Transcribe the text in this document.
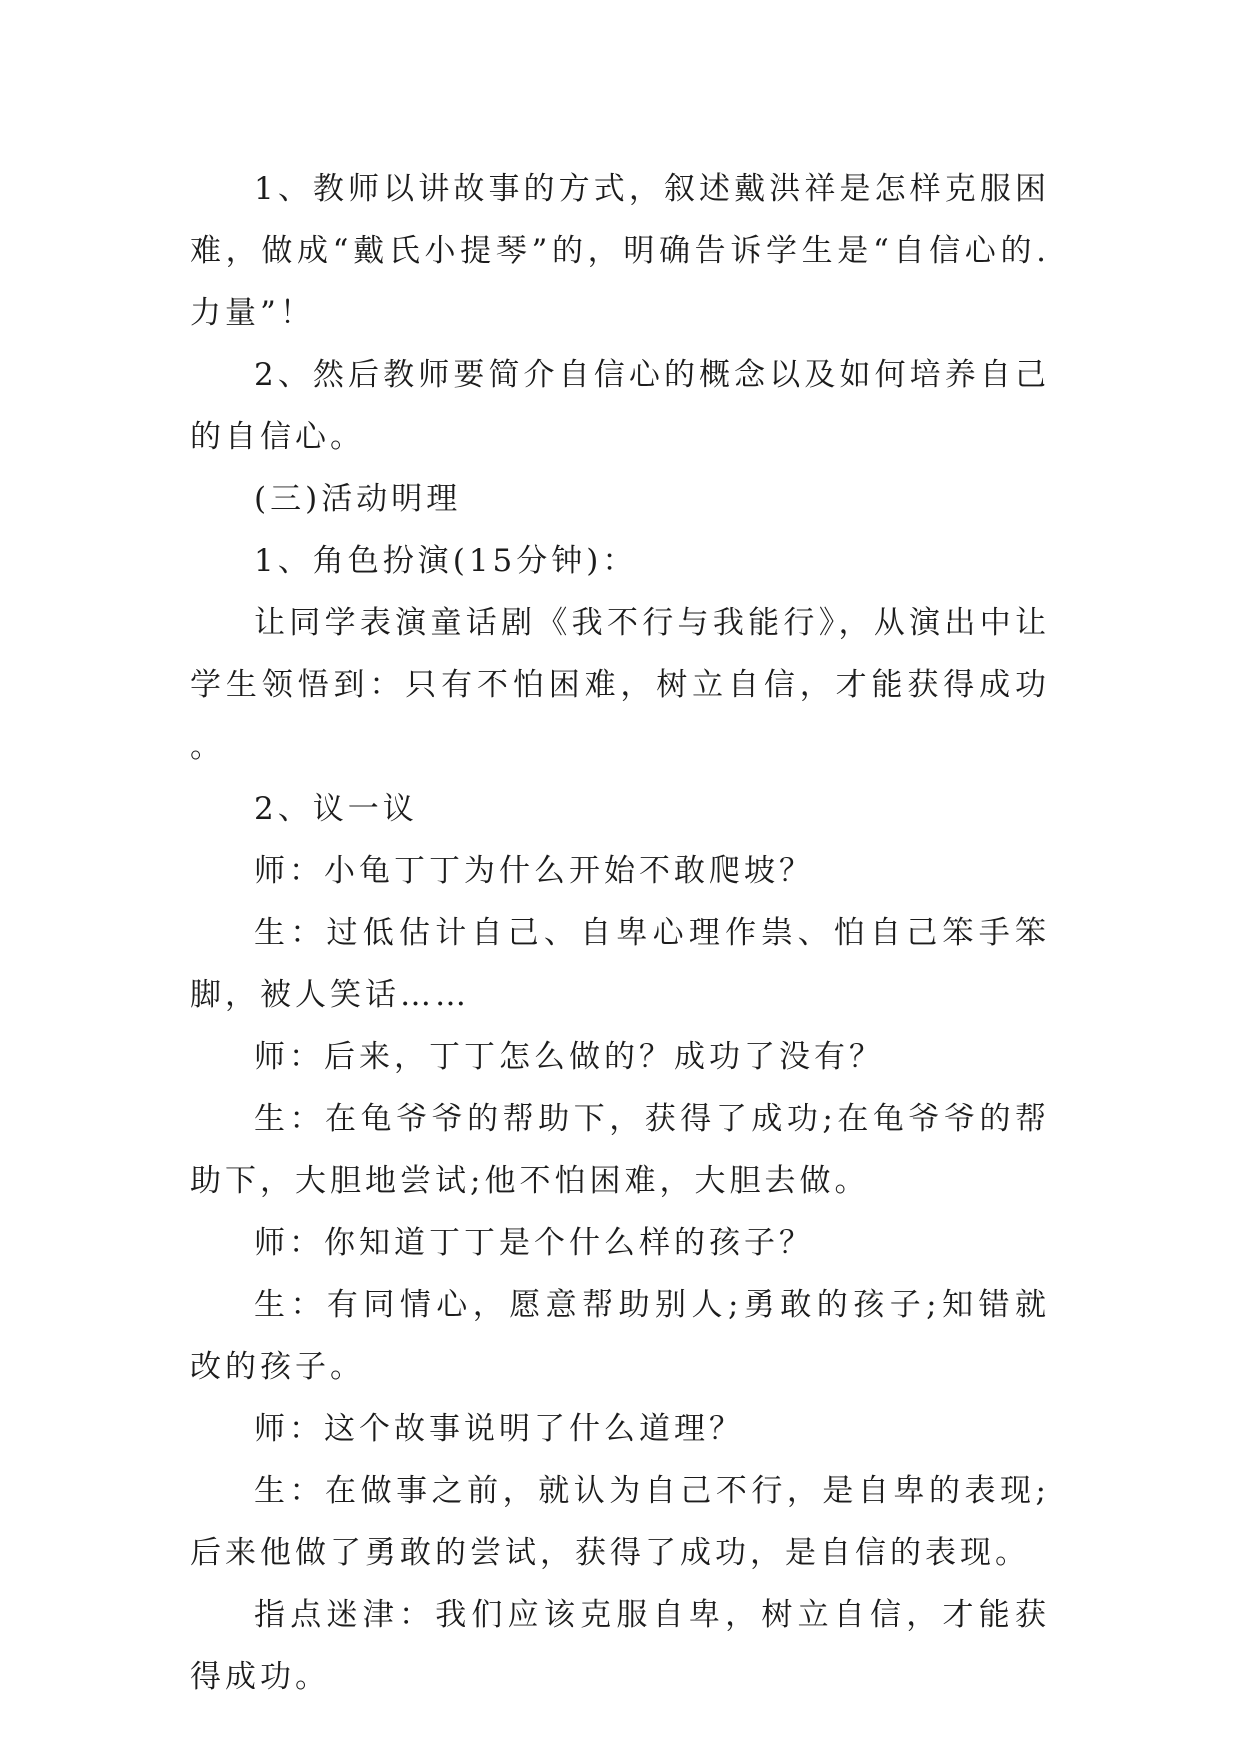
1、教师以讲故事的方式，叙述戴洪祥是怎样克服困难，做成“戴氏小提琴”的，明确告诉学生是“自信心的.力量”！

2、然后教师要简介自信心的概念以及如何培养自己的自信心。

(三)活动明理

1、角色扮演(15分钟)：

让同学表演童话剧《我不行与我能行》，从演出中让学生领悟到：只有不怕困难，树立自信，才能获得成功。

2、议一议

师：小龟丁丁为什么开始不敢爬坡？

生：过低估计自己、自卑心理作祟、怕自己笨手笨脚，被人笑话……

师：后来，丁丁怎么做的？成功了没有？

生：在龟爷爷的帮助下，获得了成功;在龟爷爷的帮助下，大胆地尝试;他不怕困难，大胆去做。

师：你知道丁丁是个什么样的孩子？

生：有同情心，愿意帮助别人;勇敢的孩子;知错就改的孩子。

师：这个故事说明了什么道理？

生：在做事之前，就认为自己不行，是自卑的表现;后来他做了勇敢的尝试，获得了成功，是自信的表现。

指点迷津：我们应该克服自卑，树立自信，才能获得成功。
